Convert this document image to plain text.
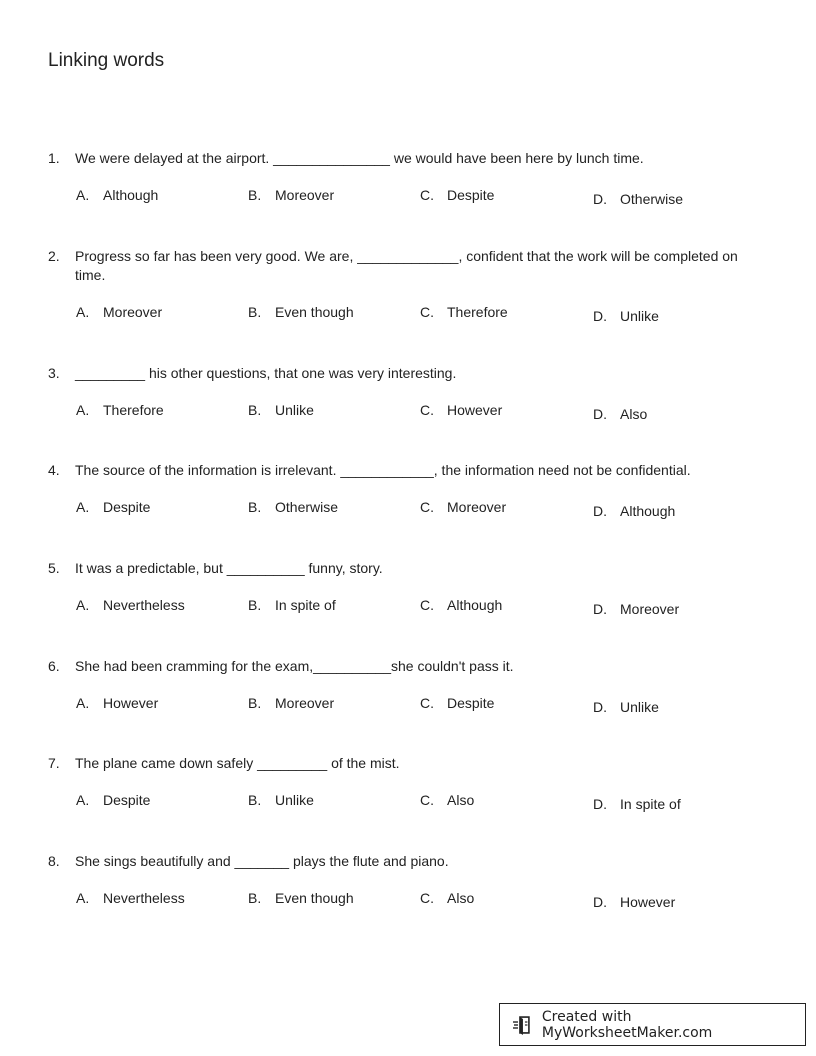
Linking words
1.	We were delayed at the airport. _______________ we would have been here by lunch time.
A. Although	B. Moreover	C. Despite	D. Otherwise
2.	Progress so far has been very good. We are, _____________, confident that the work will be completed on time.
A. Moreover	B. Even though	C. Therefore	D. Unlike
3.	_________ his other questions, that one was very interesting.
A. Therefore	B. Unlike	C. However	D. Also
4.	The source of the information is irrelevant. ____________, the information need not be confidential.
A. Despite	B. Otherwise	C. Moreover	D. Although
5.	It was a predictable, but __________ funny, story.
A. Nevertheless	B. In spite of	C. Although	D. Moreover
6.	She had been cramming for the exam,__________she couldn't pass it.
A. However	B. Moreover	C. Despite	D. Unlike
7.	The plane came down safely _________ of the mist.
A. Despite	B. Unlike	C. Also	D. In spite of
8.	She sings beautifully and _______ plays the flute and piano.
A. Nevertheless	B. Even though	C. Also	D. However
Created with MyWorksheetMaker.com
